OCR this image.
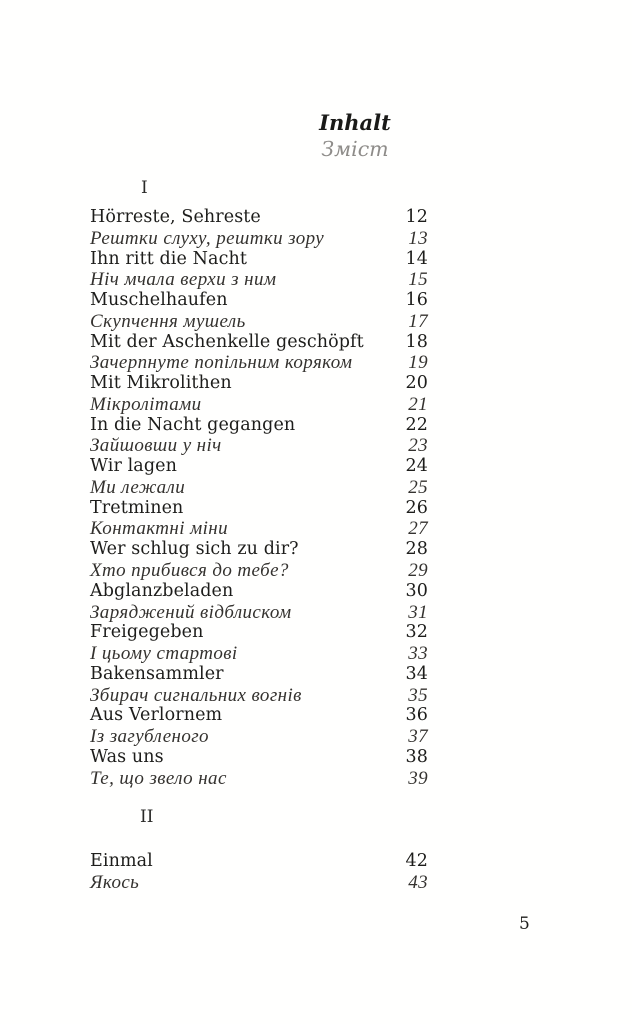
Inhalt
Зміст
I
Hörreste, Sehreste	12
Рештки слуху, рештки зору	13
Ihn ritt die Nacht	14
Ніч мчала верхи з ним	15
Muschelhaufen	16
Скупчення мушель	17
Mit der Aschenkelle geschöpft 18
Зачерпнуте попільним коряком	19
Mit Mikrolithen	20
Мікролітами	21
In die Nacht gegangen	22
Зайшовши у ніч	23
Wir lagen	24
Ми лежали	25
Tretminen	26
Контактні міни	27
Wer schlug sich zu dir?	28
Хто прибився до тебе?	29
Abglanzbeladen	30
Заряджений відблиском	31
Freigegeben	32
І цьому стартові	33
Bakensammler	34
Збирач сигнальних вогнів	35
Aus Verlornem	36
Із загубленого	37
Was uns	38
Те, що звело нас	39
II
Einmal	42
Якось	43
5
